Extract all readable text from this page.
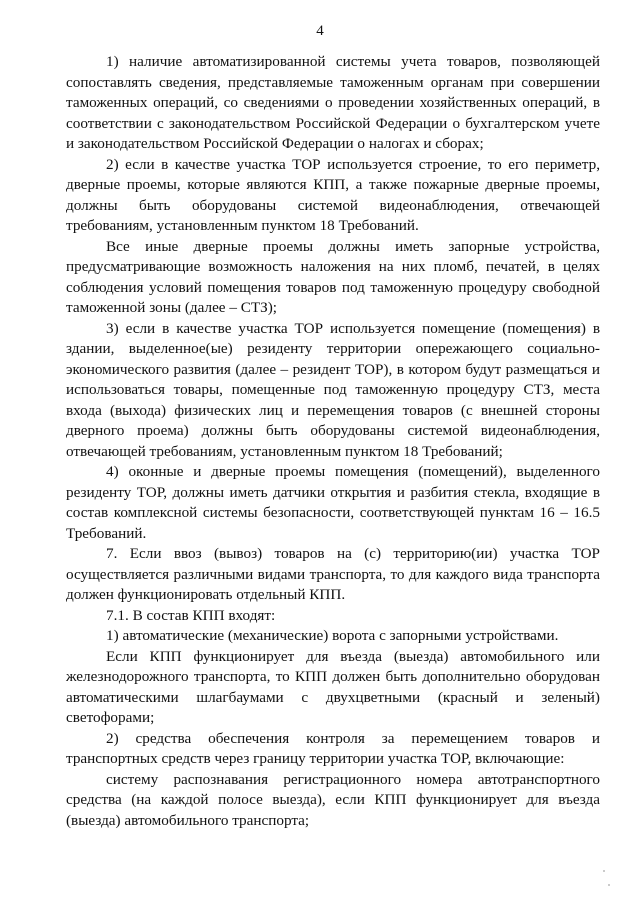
4

1) наличие автоматизированной системы учета товаров, позволяющей сопоставлять сведения, представляемые таможенным органам при совершении таможенных операций, со сведениями о проведении хозяйственных операций, в соответствии с законодательством Российской Федерации о бухгалтерском учете и законодательством Российской Федерации о налогах и сборах;

2) если в качестве участка ТОР используется строение, то его периметр, дверные проемы, которые являются КПП, а также пожарные дверные проемы, должны быть оборудованы системой видеонаблюдения, отвечающей требованиям, установленным пунктом 18 Требований.

Все иные дверные проемы должны иметь запорные устройства, предусматривающие возможность наложения на них пломб, печатей, в целях соблюдения условий помещения товаров под таможенную процедуру свободной таможенной зоны (далее – СТЗ);

3) если в качестве участка ТОР используется помещение (помещения) в здании, выделенное(ые) резиденту территории опережающего социально-экономического развития (далее – резидент ТОР), в котором будут размещаться и использоваться товары, помещенные под таможенную процедуру СТЗ, места входа (выхода) физических лиц и перемещения товаров (с внешней стороны дверного проема) должны быть оборудованы системой видеонаблюдения, отвечающей требованиям, установленным пунктом 18 Требований;

4) оконные и дверные проемы помещения (помещений), выделенного резиденту ТОР, должны иметь датчики открытия и разбития стекла, входящие в состав комплексной системы безопасности, соответствующей пунктам 16 – 16.5 Требований.

7. Если ввоз (вывоз) товаров на (с) территорию(ии) участка ТОР осуществляется различными видами транспорта, то для каждого вида транспорта должен функционировать отдельный КПП.

7.1. В состав КПП входят:

1) автоматические (механические) ворота с запорными устройствами.

Если КПП функционирует для въезда (выезда) автомобильного или железнодорожного транспорта, то КПП должен быть дополнительно оборудован автоматическими шлагбаумами с двухцветными (красный и зеленый) светофорами;

2) средства обеспечения контроля за перемещением товаров и транспортных средств через границу территории участка ТОР, включающие:

систему распознавания регистрационного номера автотранспортного средства (на каждой полосе выезда), если КПП функционирует для въезда (выезда) автомобильного транспорта;
